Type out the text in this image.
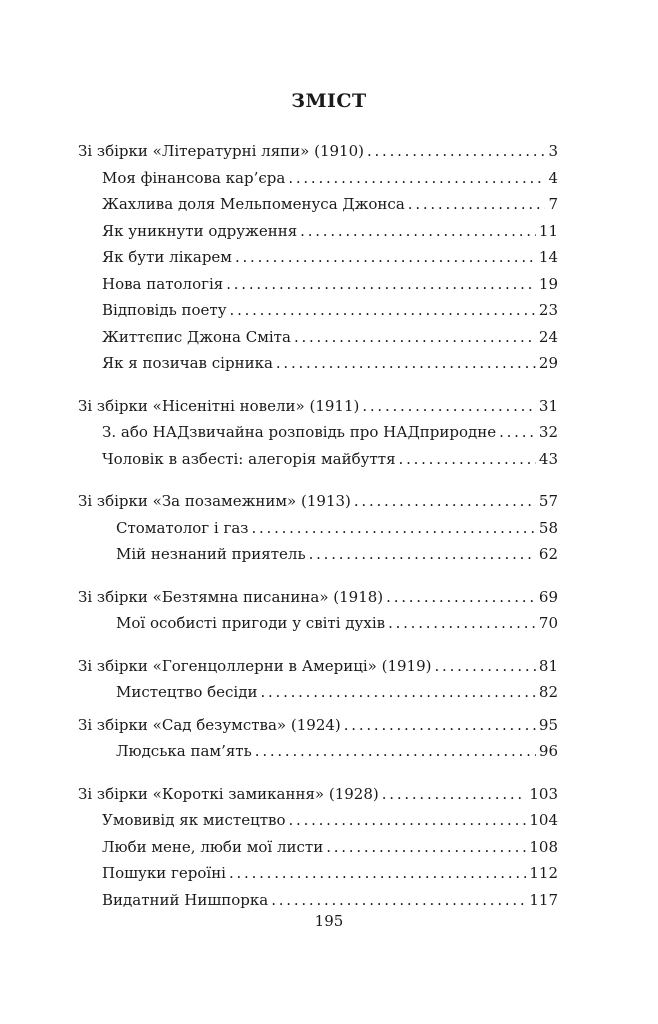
ЗМІСТ
Зі збірки «Літературні ляпи» (1910) . . .	3
Моя фінансова кар’єра . . .	4
Жахлива доля Мельпоменуса Джонса . . .	7
Як уникнути одруження . . .	11
Як бути лікарем . . .	14
Нова патологія . . .	19
Відповідь поету . . .	23
Життєпис Джона Сміта . . .	24
Як я позичав сірника . . .	29
Зі збірки «Нісенітні новели» (1911) . . .	31
З. або НАДзвичайна розповідь про НАДприродне . . .	32
Чоловік в азбесті: алегорія майбуття . . .	43
Зі збірки «За позамежним» (1913) . . .	57
Стоматолог і газ . . .	58
Мій незнаний приятель . . .	62
Зі збірки «Безтямна писанина» (1918) . . .	69
Мої особисті пригоди у світі духів . . .	70
Зі збірки «Гогенцоллерни в Америці» (1919) . . .	81
Мистецтво бесіди . . .	82
Зі збірки «Сад безумства» (1924) . . .	95
Людська пам’ять . . .	96
Зі збірки «Короткі замикання» (1928) . . .	103
Умовивід як мистецтво . . .	104
Люби мене, люби мої листи . . .	108
Пошуки героїні . . .	112
Видатний Нишпорка . . .	117
195
